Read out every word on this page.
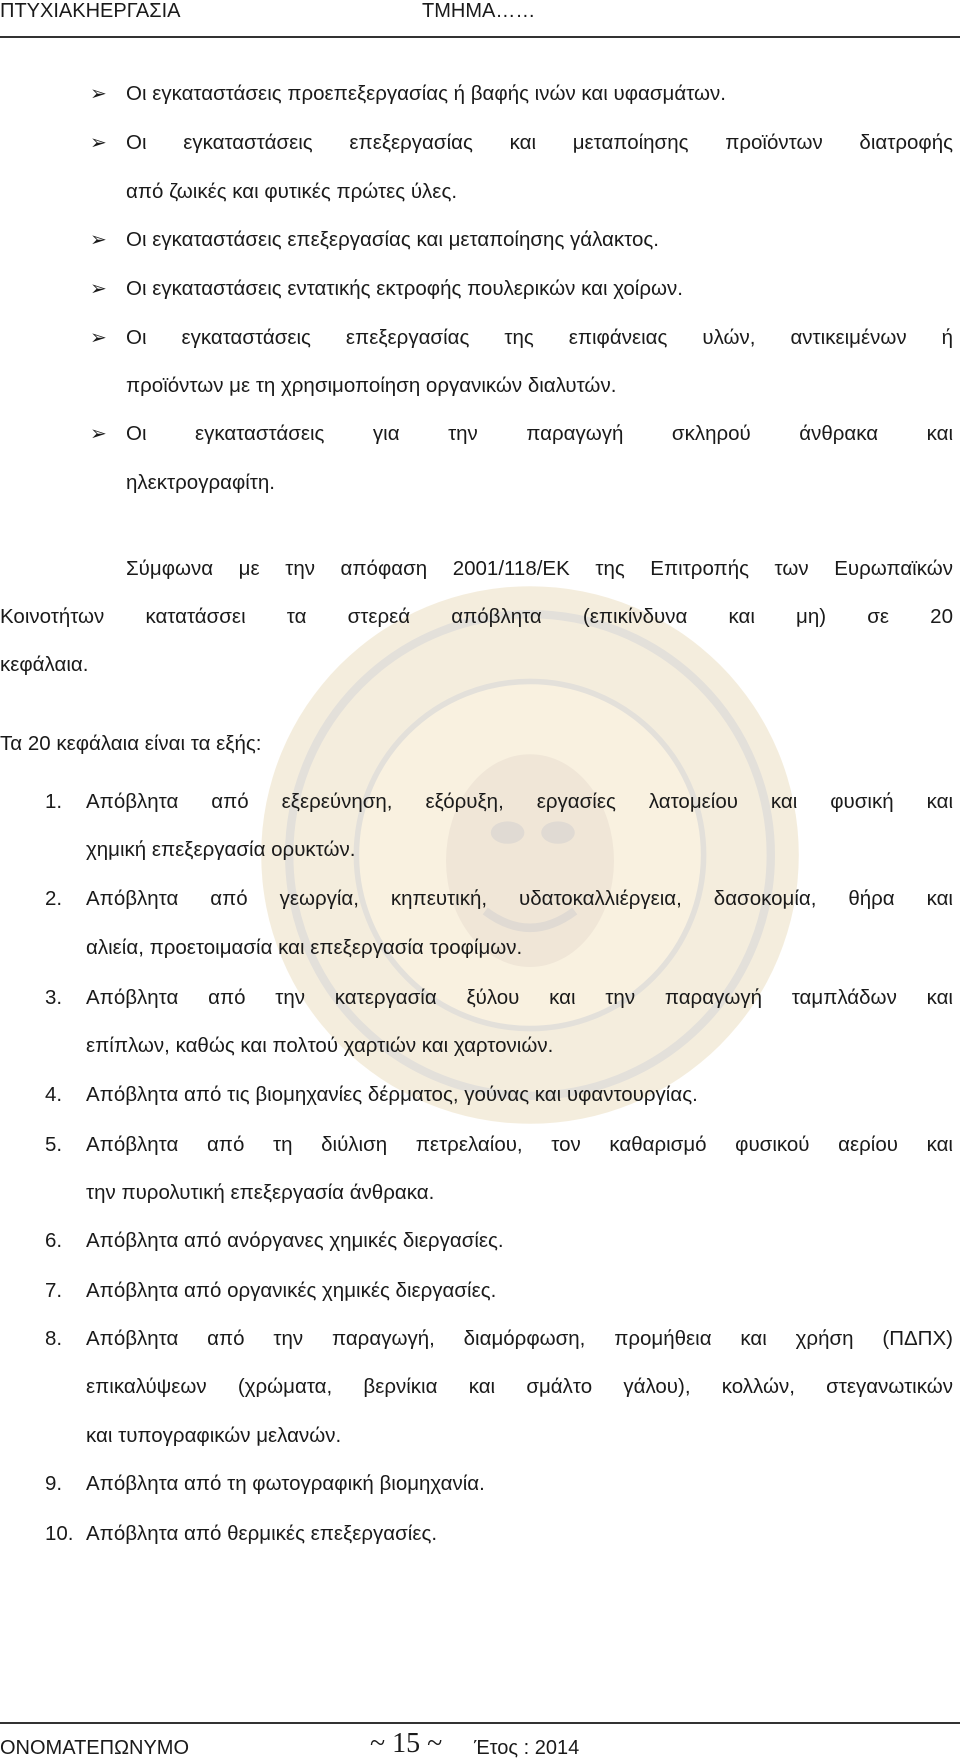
ΠΤΥΧΙΑΚΗΕΡΓΑΣΙΑ	ΤΜΗΜΑ……
➢ Οι εγκαταστάσεις προεπεξεργασίας ή βαφής ινών και υφασμάτων.
➢ Οι εγκαταστάσεις επεξεργασίας και μεταποίησης προϊόντων διατροφής
από ζωικές και φυτικές πρώτες ύλες.
➢ Οι εγκαταστάσεις επεξεργασίας και μεταποίησης γάλακτος.
➢ Οι εγκαταστάσεις εντατικής εκτροφής πουλερικών και χοίρων.
➢ Οι εγκαταστάσεις επεξεργασίας της επιφάνειας υλών, αντικειμένων ή
προϊόντων με τη χρησιμοποίηση οργανικών διαλυτών.
➢ Οι εγκαταστάσεις για την παραγωγή σκληρού άνθρακα και
ηλεκτρογραφίτη.
Σύμφωνα με την απόφαση 2001/118/ΕΚ της Επιτροπής των Ευρωπαϊκών
Κοινοτήτων κατατάσσει τα στερεά απόβλητα (επικίνδυνα και μη) σε 20
κεφάλαια.
Τα 20 κεφάλαια είναι τα εξής:
1. Απόβλητα από εξερεύνηση, εξόρυξη, εργασίες λατομείου και φυσική και
χημική επεξεργασία ορυκτών.
2. Απόβλητα από γεωργία, κηπευτική, υδατοκαλλιέργεια, δασοκομία, θήρα και
αλιεία, προετοιμασία και επεξεργασία τροφίμων.
3. Απόβλητα από την κατεργασία ξύλου και την παραγωγή ταμπλάδων και
επίπλων, καθώς και πολτού χαρτιών και χαρτονιών.
4. Απόβλητα από τις βιομηχανίες δέρματος, γούνας και υφαντουργίας.
5. Απόβλητα από τη διύλιση πετρελαίου, τον καθαρισμό φυσικού αερίου και
την πυρολυτική επεξεργασία άνθρακα.
6. Απόβλητα από ανόργανες χημικές διεργασίες.
7. Απόβλητα από οργανικές χημικές διεργασίες.
8. Απόβλητα από την παραγωγή, διαμόρφωση, προμήθεια και χρήση (ΠΔΠΧ)
επικαλύψεων (χρώματα, βερνίκια και σμάλτο γάλου), κολλών, στεγανωτικών
και τυπογραφικών μελανών.
9. Απόβλητα από τη φωτογραφική βιομηχανία.
10. Απόβλητα από θερμικές επεξεργασίες.
ΟΝΟΜΑΤΕΠΩΝΥΜΟ	~ 15 ~ Έτος : 2014
